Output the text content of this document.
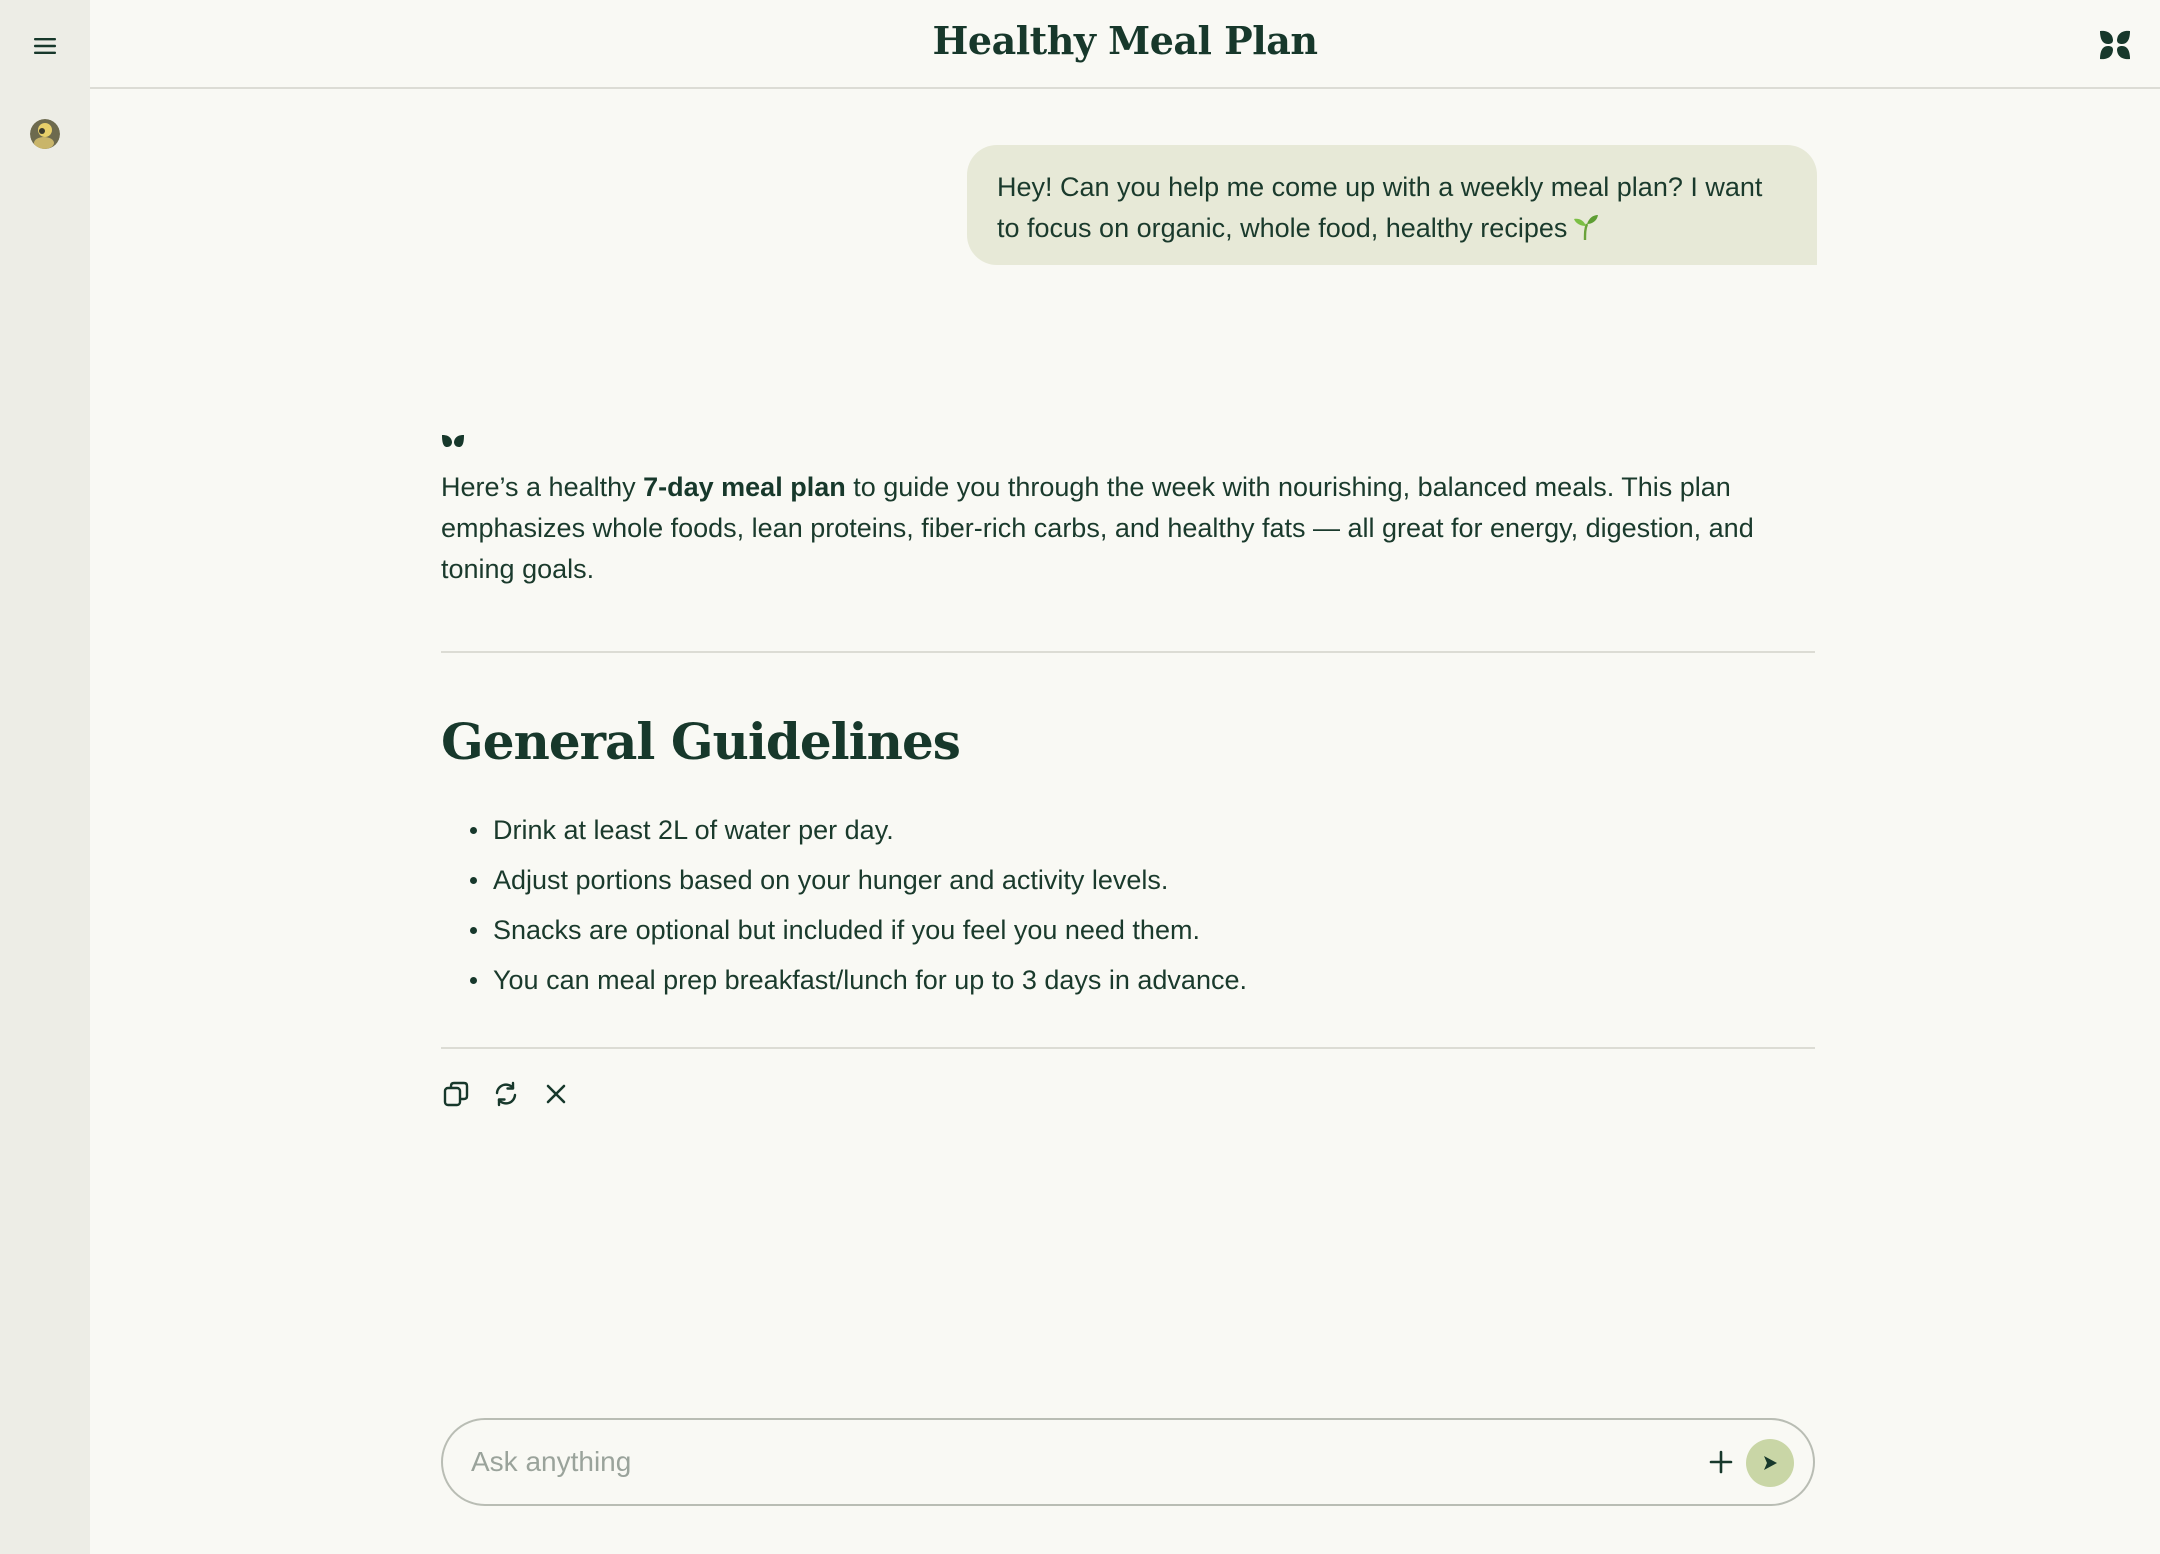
Healthy Meal Plan
Hey! Can you help me come up with a weekly meal plan? I want to focus on organic, whole food, healthy recipes

Here’s a healthy 7-day meal plan to guide you through the week with nourishing, balanced meals. This plan emphasizes whole foods, lean proteins, fiber-rich carbs, and healthy fats — all great for energy, digestion, and toning goals.

General Guidelines
Drink at least 2L of water per day.
Adjust portions based on your hunger and activity levels.
Snacks are optional but included if you feel you need them.
You can meal prep breakfast/lunch for up to 3 days in advance.
Ask anything
